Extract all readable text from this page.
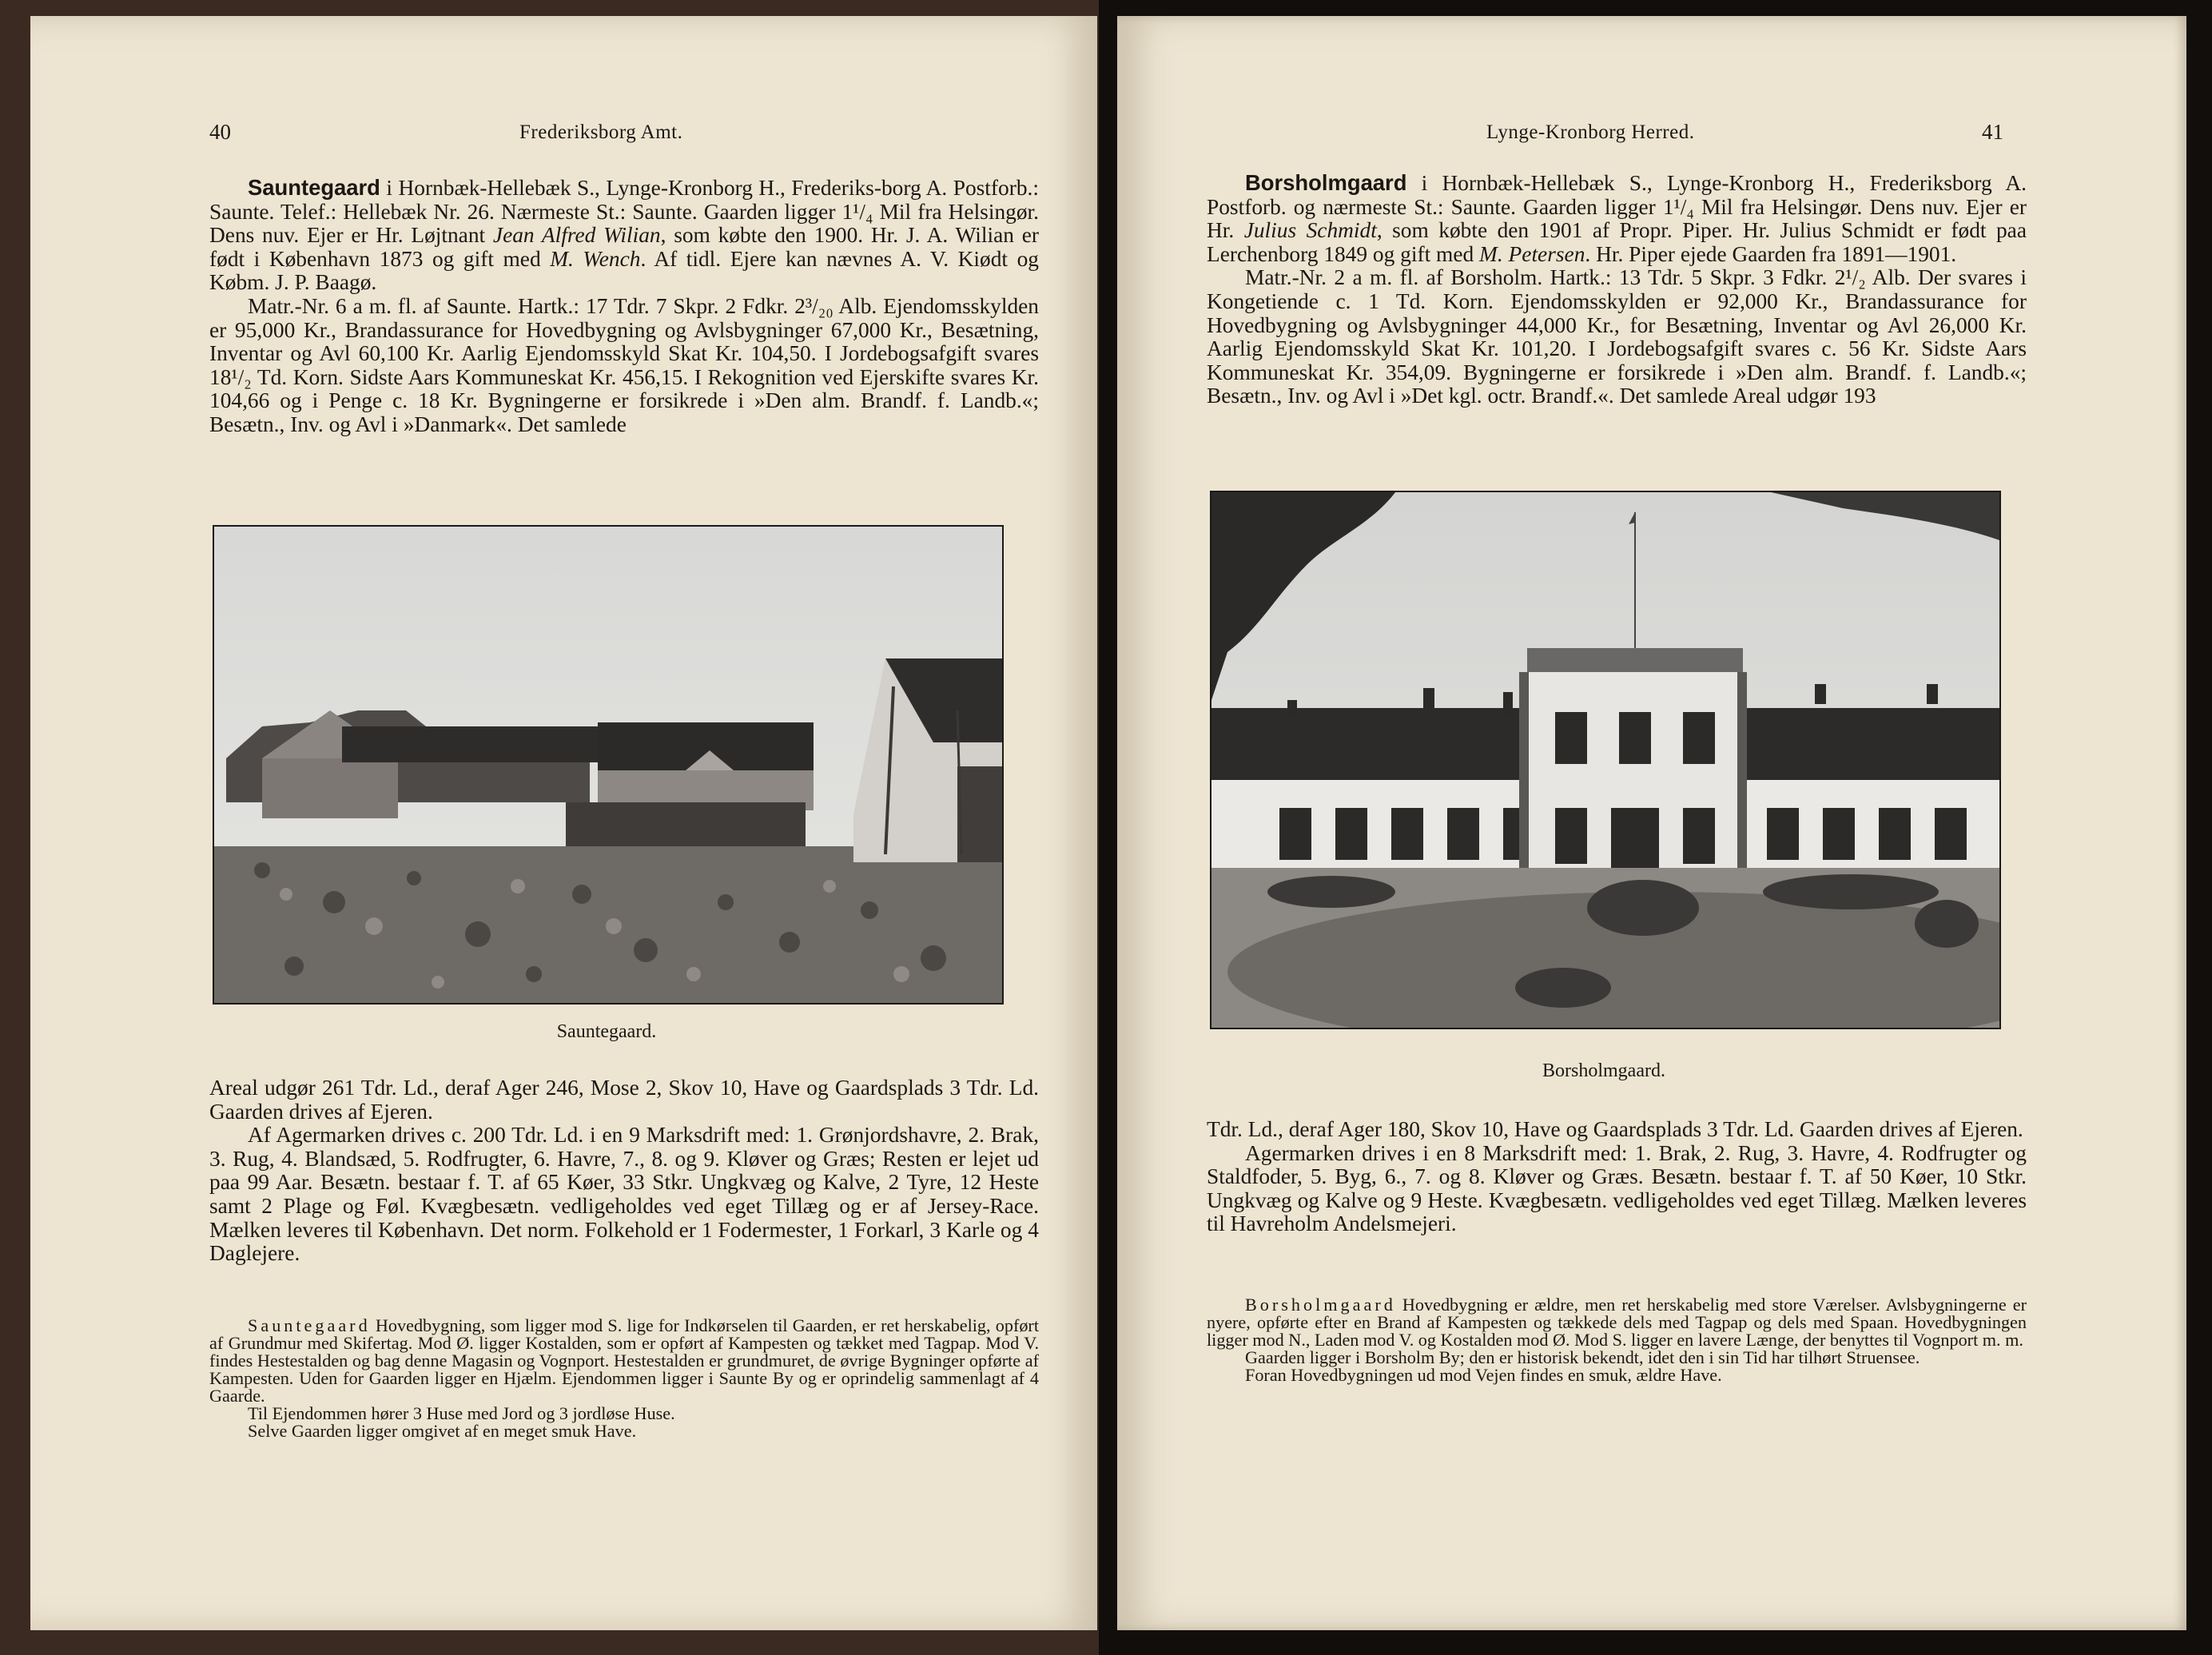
40	Frederiksborg Amt.

Sauntegaard i Hornbæk-Hellebæk S., Lynge-Kronborg H., Frederiks-borg A. Postforb.: Saunte. Telef.: Hellebæk Nr. 26. Nærmeste St.: Saunte. Gaarden ligger 1¹/₄ Mil fra Helsingør. Dens nuv. Ejer er Hr. Løjtnant Jean Alfred Wilian, som købte den 1900. Hr. J. A. Wilian er født i København 1873 og gift med M. Wench. Af tidl. Ejere kan nævnes A. V. Kiødt og Købm. J. P. Baagø.

Matr.-Nr. 6 a m. fl. af Saunte. Hartk.: 17 Tdr. 7 Skpr. 2 Fdkr. 2³/₂₀ Alb. Ejendomsskylden er 95,000 Kr., Brandassurance for Hovedbygning og Avlsbygninger 67,000 Kr., Besætning, Inventar og Avl 60,100 Kr. Aarlig Ejendomsskyld Skat Kr. 104,50. I Jordebogsafgift svares 18¹/₂ Td. Korn. Sidste Aars Kommuneskat Kr. 456,15. I Rekognition ved Ejerskifte svares Kr. 104,66 og i Penge c. 18 Kr. Bygningerne er forsikrede i »Den alm. Brandf. f. Landb.«; Besætn., Inv. og Avl i »Danmark«. Det samlede

Sauntegaard.

Areal udgør 261 Tdr. Ld., deraf Ager 246, Mose 2, Skov 10, Have og Gaardsplads 3 Tdr. Ld. Gaarden drives af Ejeren.

Af Agermarken drives c. 200 Tdr. Ld. i en 9 Marksdrift med: 1. Grønjordshavre, 2. Brak, 3. Rug, 4. Blandsæd, 5. Rodfrugter, 6. Havre, 7., 8. og 9. Kløver og Græs; Resten er lejet ud paa 99 Aar. Besætn. bestaar f. T. af 65 Køer, 33 Stkr. Ungkvæg og Kalve, 2 Tyre, 12 Heste samt 2 Plage og Føl. Kvægbesætn. vedligeholdes ved eget Tillæg og er af Jersey-Race. Mælken leveres til København. Det norm. Folkehold er 1 Fodermester, 1 Forkarl, 3 Karle og 4 Daglejere.

Sauntegaard Hovedbygning, som ligger mod S. lige for Indkørselen til Gaarden, er ret herskabelig, opført af Grundmur med Skifertag. Mod Ø. ligger Kostalden, som er opført af Kampesten og tækket med Tagpap. Mod V. findes Hestestalden og bag denne Magasin og Vognport. Hestestalden er grundmuret, de øvrige Bygninger opførte af Kampesten. Uden for Gaarden ligger en Hjælm. Ejendommen ligger i Saunte By og er oprindelig sammenlagt af 4 Gaarde.

Til Ejendommen hører 3 Huse med Jord og 3 jordløse Huse.

Selve Gaarden ligger omgivet af en meget smuk Have.

Lynge-Kronborg Herred.	41

Borsholmgaard i Hornbæk-Hellebæk S., Lynge-Kronborg H., Frederiksborg A. Postforb. og nærmeste St.: Saunte. Gaarden ligger 1¹/₄ Mil fra Helsingør. Dens nuv. Ejer er Hr. Julius Schmidt, som købte den 1901 af Propr. Piper. Hr. Julius Schmidt er født paa Lerchenborg 1849 og gift med M. Petersen. Hr. Piper ejede Gaarden fra 1891—1901.

Matr.-Nr. 2 a m. fl. af Borsholm. Hartk.: 13 Tdr. 5 Skpr. 3 Fdkr. 2¹/₂ Alb. Der svares i Kongetiende c. 1 Td. Korn. Ejendomsskylden er 92,000 Kr., Brandassurance for Hovedbygning og Avlsbygninger 44,000 Kr., for Besætning, Inventar og Avl 26,000 Kr. Aarlig Ejendomsskyld Skat Kr. 101,20. I Jordebogsafgift svares c. 56 Kr. Sidste Aars Kommuneskat Kr. 354,09. Bygningerne er forsikrede i »Den alm. Brandf. f. Landb.«; Besætn., Inv. og Avl i »Det kgl. octr. Brandf.«. Det samlede Areal udgør 193

Borsholmgaard.

Tdr. Ld., deraf Ager 180, Skov 10, Have og Gaardsplads 3 Tdr. Ld. Gaarden drives af Ejeren.

Agermarken drives i en 8 Marksdrift med: 1. Brak, 2. Rug, 3. Havre, 4. Rodfrugter og Staldfoder, 5. Byg, 6., 7. og 8. Kløver og Græs. Besætn. bestaar f. T. af 50 Køer, 10 Stkr. Ungkvæg og Kalve og 9 Heste. Kvægbesætn. vedligeholdes ved eget Tillæg. Mælken leveres til Havreholm Andelsmejeri.

Borsholmgaard Hovedbygning er ældre, men ret herskabelig med store Værelser. Avlsbygningerne er nyere, opførte efter en Brand af Kampesten og tækkede dels med Tagpap og dels med Spaan. Hovedbygningen ligger mod N., Laden mod V. og Kostalden mod Ø. Mod S. ligger en lavere Længe, der benyttes til Vognport m. m.

Gaarden ligger i Borsholm By; den er historisk bekendt, idet den i sin Tid har tilhørt Struensee.

Foran Hovedbygningen ud mod Vejen findes en smuk, ældre Have.
